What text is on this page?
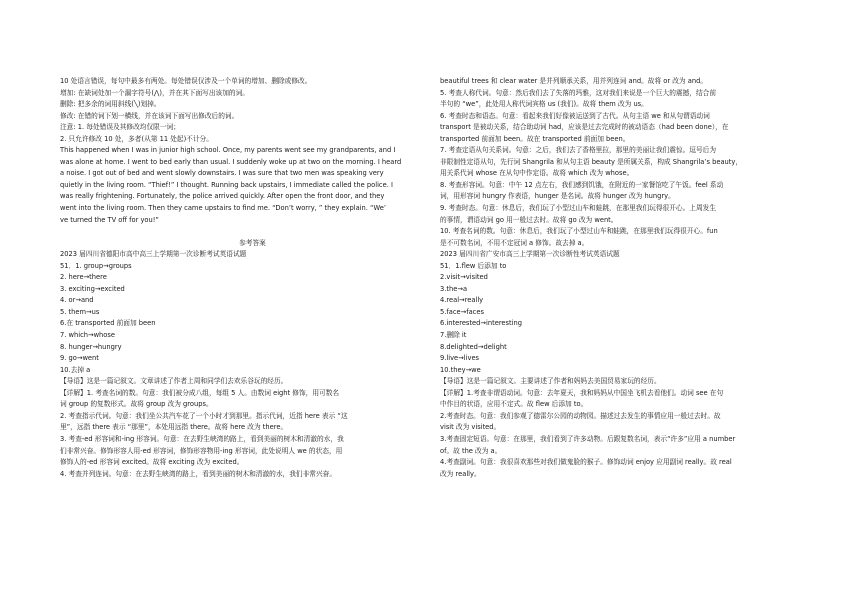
10 处语言错误，每句中最多有两处。每处错误仅涉及一个单词的增加、删除或修改。
增加: 在缺词处加一个漏字符号(⋀)，并在其下面写出该加的词。
删除: 把多余的词用斜线(╲)划掉。
修改: 在错的词下划一横线，并在该词下面写出修改后的词。
注意: 1. 每处错误及其修改均仅限一词；
2. 只允许修改 10 处，多者(从第 11 处起)不计分。
This happened when I was in junior high school. Once, my parents went see my grandparents, and I
was alone at home. I went to bed early than usual. I suddenly woke up at two on the morning. I heard
a noise. I got out of bed and went slowly downstairs. I was sure that two men was speaking very
quietly in the living room. “Thief!” I thought. Running back upstairs, I immediate called the police. I
was really frightening. Fortunately, the police arrived quickly. After open the front door, and they
went into the living room. Then they came upstairs to find me. “Don’t worry, ” they explain. “We’
ve turned the TV off for you!”
参考答案
2023 届四川省德阳市高中高三上学期第一次诊断考试英语试题
51．1. group→groups
2. here→there
3. exciting→excited
4. or→and
5. them→us
6.在 transported 前面加 been
7. which→whose
8. hunger→hungry
9. go→went
10.去掉 a
【导语】这是一篇记叙文。文章讲述了作者上周和同学们去欢乐谷玩的经历。
【详解】1. 考查名词的数。句意：我们被分成八组，每组 5 人。由数词 eight 修饰，用可数名
词 group 的复数形式。故将 group 改为 groups。
2. 考查指示代词。句意：我们坐公共汽车花了一个小时才到那里。指示代词，近指 here 表示 “这
里”，远指 there 表示 “那里”，本处用远指 there。故将 here 改为 there。
3. 考查-ed 形容词和-ing 形容词。句意：在去野生峡湾的路上，看到美丽的树木和清澈的水，我
们非常兴奋。修饰形容人用-ed 形容词，修饰形容物用-ing 形容词，此处说明人 we 的状态，用
修饰人的-ed 形容词 excited。故将 exciting 改为 excited。
4. 考查并列连词。句意：在去野生峡湾的路上，看到美丽的树木和清澈的水，我们非常兴奋。
beautiful trees 和 clear water 是并列顺承关系，用并列连词 and。故将 or 改为 and。
5. 考查人称代词。句意：然后我们去了失落的玛雅，这对我们来说是一个巨大的震撼，结合前
半句的 “we”，此处用人称代词宾格 us (我们)。故将 them 改为 us。
6. 考查时态和语态。句意：看起来我们好像被运送到了古代。从句主语 we 和从句谓语动词
transport 是被动关系，结合助动词 had，应该是过去完成时的被动语态（had been done），在
transported 前面加 been。故在 transported 前面加 been。
7. 考查定语从句关系词。句意：之后，我们去了香格里拉，那里的美丽让我们震惊。逗号后为
非限制性定语从句，先行词 Shangrila 和从句主语 beauty 是所属关系，构成 Shangrila’s beauty，
用关系代词 whose 在从句中作定语。故将 which 改为 whose。
8. 考查形容词。句意：中午 12 点左右，我们感到饥饿，在附近的一家餐馆吃了午饭。feel 系动
词，用形容词 hungry 作表语，hunger 是名词。故将 hunger 改为 hungry。
9. 考查时态。句意：休息后，我们玩了小型过山车和蛙跳，在那里我们玩得很开心。上周发生
的事情，谓语动词 go 用一般过去时。故将 go 改为 went。
10. 考查名词的数。句意：休息后，我们玩了小型过山车和蛙跳，在那里我们玩得很开心。fun
是不可数名词，不用不定冠词 a 修饰。故去掉 a。
2023 届四川省广安市高三上学期第一次诊断性考试英语试题
51．1.flew 后添加 to
2.visit→visited
3.the→a
4.real→really
5.face→faces
6.interested→interesting
7.删除 it
8.delighted→delight
9.live→lives
10.they→we
【导语】这是一篇记叙文。主要讲述了作者和妈妈去美国贸易家玩的经历。
【详解】1.考查非谓语动词。句意：去年夏天，我和妈妈从中国坐飞机去看他们。动词 see 在句
中作目的状语，应用不定式。故 flew 后添加 to。
2.考查时态。句意：我们参观了德雷尔公园的动物园。描述过去发生的事情应用一般过去时。故
visit 改为 visited。
3.考查固定短语。句意：在那里，我们看到了许多动物。后跟复数名词，表示“许多”应用 a number
of。故 the 改为 a。
4.考查副词。句意：我很喜欢那些对我们做鬼脸的猴子。修饰动词 enjoy 应用副词 really。故 real
改为 really。
